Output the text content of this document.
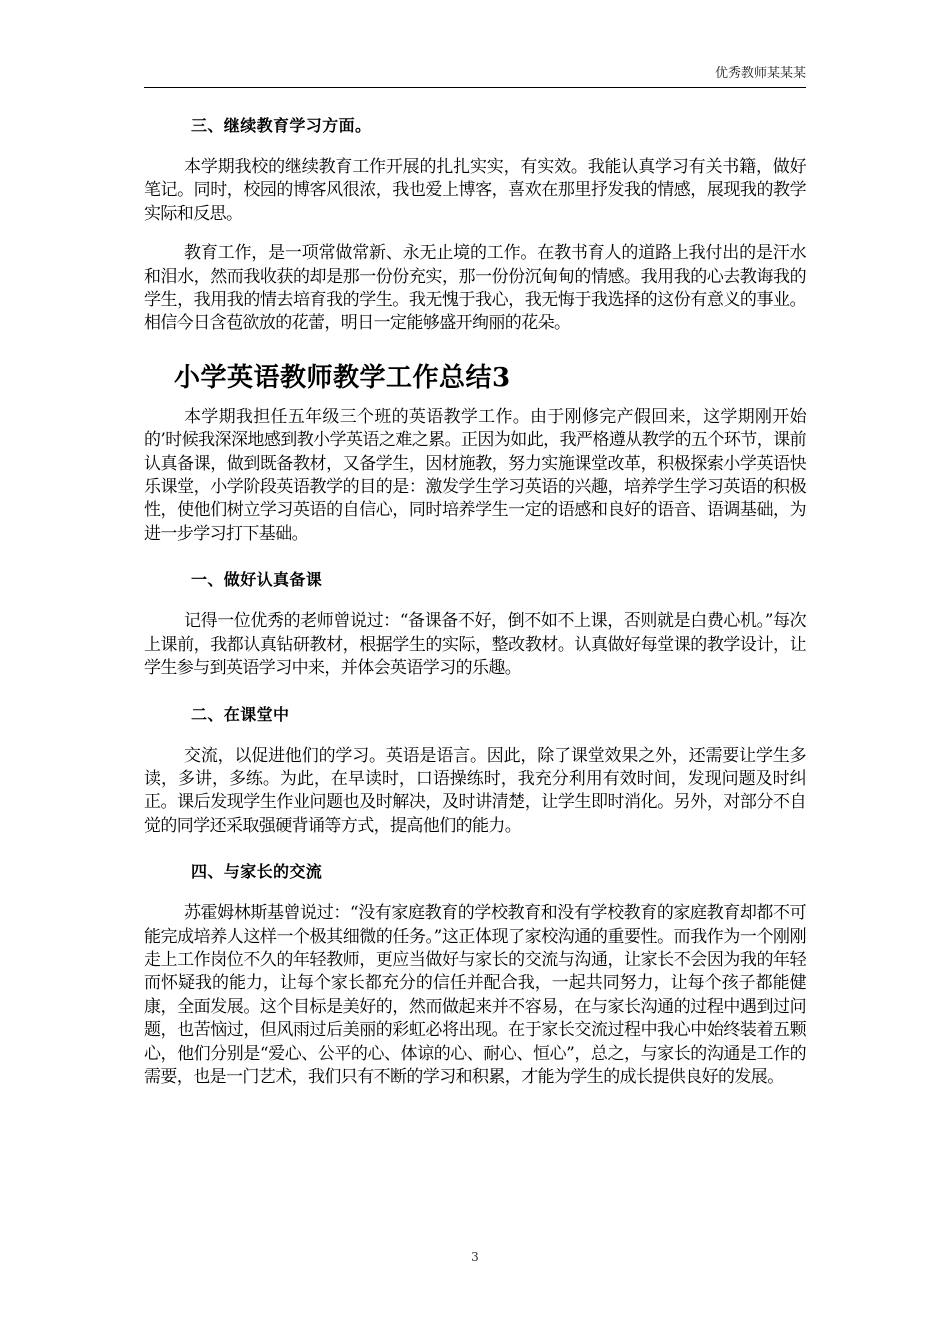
优秀教师某某某
三、继续教育学习方面。

本学期我校的继续教育工作开展的扎扎实实，有实效。我能认真学习有关书籍，做好笔记。同时，校园的博客风很浓，我也爱上博客，喜欢在那里抒发我的情感，展现我的教学实际和反思。

教育工作，是一项常做常新、永无止境的工作。在教书育人的道路上我付出的是汗水和泪水，然而我收获的却是那一份份充实，那一份份沉甸甸的情感。我用我的心去教诲我的学生，我用我的情去培育我的学生。我无愧于我心，我无悔于我选择的这份有意义的事业。相信今日含苞欲放的花蕾，明日一定能够盛开绚丽的花朵。

小学英语教师教学工作总结3

本学期我担任五年级三个班的英语教学工作。由于刚修完产假回来，这学期刚开始的’时候我深深地感到教小学英语之难之累。正因为如此，我严格遵从教学的五个环节，课前认真备课，做到既备教材，又备学生，因材施教，努力实施课堂改革，积极探索小学英语快乐课堂，小学阶段英语教学的目的是：激发学生学习英语的兴趣，培养学生学习英语的积极性，使他们树立学习英语的自信心，同时培养学生一定的语感和良好的语音、语调基础，为进一步学习打下基础。

一、做好认真备课

记得一位优秀的老师曾说过：“备课备不好，倒不如不上课，否则就是白费心机。”每次上课前，我都认真钻研教材，根据学生的实际，整改教材。认真做好每堂课的教学设计，让学生参与到英语学习中来，并体会英语学习的乐趣。

二、在课堂中

交流，以促进他们的学习。英语是语言。因此，除了课堂效果之外，还需要让学生多读，多讲，多练。为此，在早读时，口语操练时，我充分利用有效时间，发现问题及时纠正。课后发现学生作业问题也及时解决，及时讲清楚，让学生即时消化。另外，对部分不自觉的同学还采取强硬背诵等方式，提高他们的能力。

四、与家长的交流

苏霍姆林斯基曾说过：“没有家庭教育的学校教育和没有学校教育的家庭教育却都不可能完成培养人这样一个极其细微的任务。”这正体现了家校沟通的重要性。而我作为一个刚刚走上工作岗位不久的年轻教师，更应当做好与家长的交流与沟通，让家长不会因为我的年轻而怀疑我的能力，让每个家长都充分的信任并配合我，一起共同努力，让每个孩子都能健康，全面发展。这个目标是美好的，然而做起来并不容易，在与家长沟通的过程中遇到过问题，也苦恼过，但风雨过后美丽的彩虹必将出现。在于家长交流过程中我心中始终装着五颗心，他们分别是“爱心、公平的心、体谅的心、耐心、恒心”，总之，与家长的沟通是工作的需要，也是一门艺术，我们只有不断的学习和积累，才能为学生的成长提供良好的发展。

3
